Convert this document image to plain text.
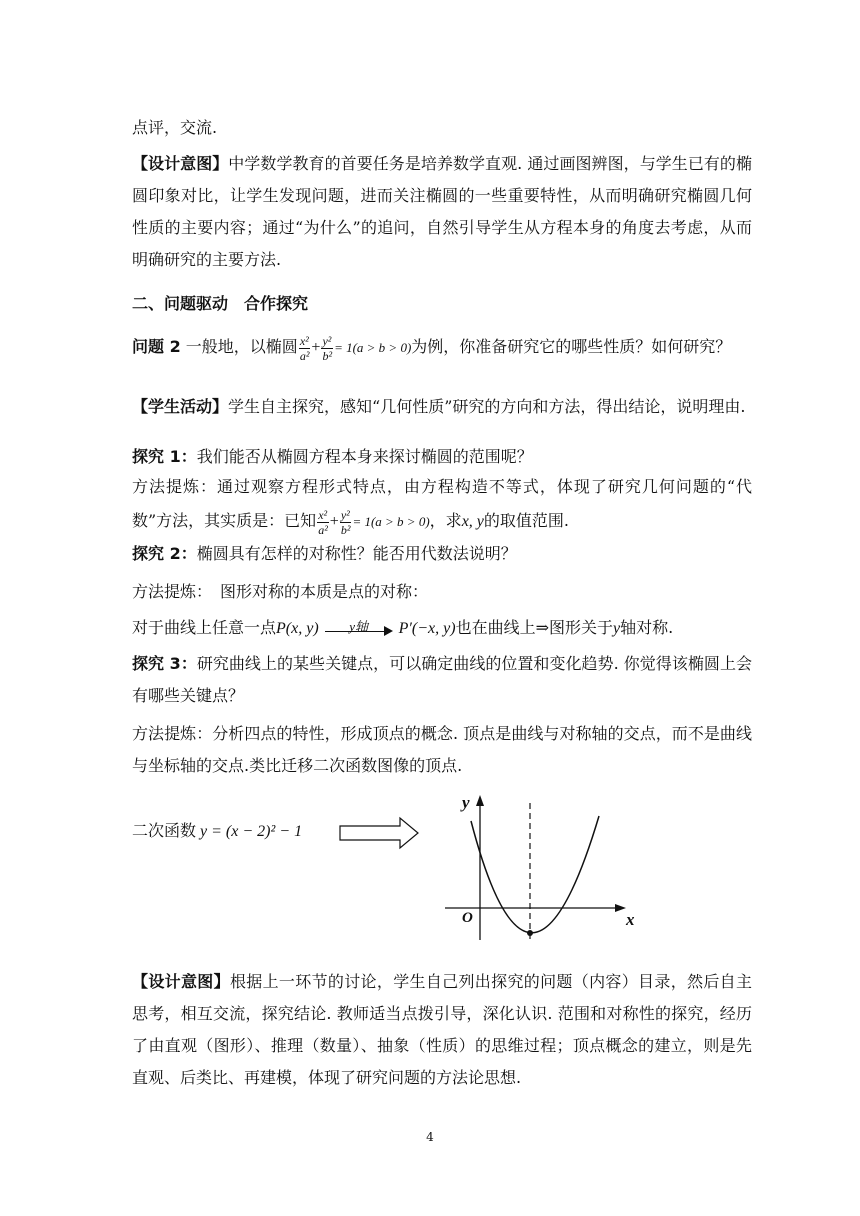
点评，交流.

【设计意图】中学数学教育的首要任务是培养数学直观. 通过画图辨图，与学生已有的椭圆印象对比，让学生发现问题，进而关注椭圆的一些重要特性，从而明确研究椭圆几何性质的主要内容；通过“为什么”的追问，自然引导学生从方程本身的角度去考虑，从而明确研究的主要方法.

二、问题驱动　合作探究

问题 2 一般地，以椭圆 $\frac{\text{x²}}{\text{a²}} + \frac{\text{y²}}{\text{b²}} = 1(a > b > 0)$为例，你准备研究它的哪些性质？如何研究？

【学生活动】学生自主探究，感知“几何性质”研究的方向和方法，得出结论，说明理由.

探究 1：我们能否从椭圆方程本身来探讨椭圆的范围呢？

方法提炼：通过观察方程形式特点，由方程构造不等式，体现了研究几何问题的“代数”方法，其实质是：已知 $\frac{\text{x²}}{\text{a²}} + \frac{\text{y²}}{\text{b²}} = 1(a > b > 0)$，求x, y的取值范围.

探究 2：椭圆具有怎样的对称性？能否用代数法说明？

方法提炼：　图形对称的本质是点的对称：

对于曲线上任意一点P(x, y)	y轴	P′(−x, y)也在曲线上⇒图形关于y轴对称.

探究 3：研究曲线上的某些关键点，可以确定曲线的位置和变化趋势. 你觉得该椭圆上会有哪些关键点？

方法提炼：分析四点的特性，形成顶点的概念. 顶点是曲线与对称轴的交点，而不是曲线与坐标轴的交点.类比迁移二次函数图像的顶点.

二次函数 y = (x − 2)² − 1
y
x
O

【设计意图】根据上一环节的讨论，学生自己列出探究的问题（内容）目录，然后自主思考，相互交流，探究结论. 教师适当点拨引导，深化认识. 范围和对称性的探究，经历了由直观（图形）、推理（数量）、抽象（性质）的思维过程；顶点概念的建立，则是先直观、后类比、再建模，体现了研究问题的方法论思想.

4
